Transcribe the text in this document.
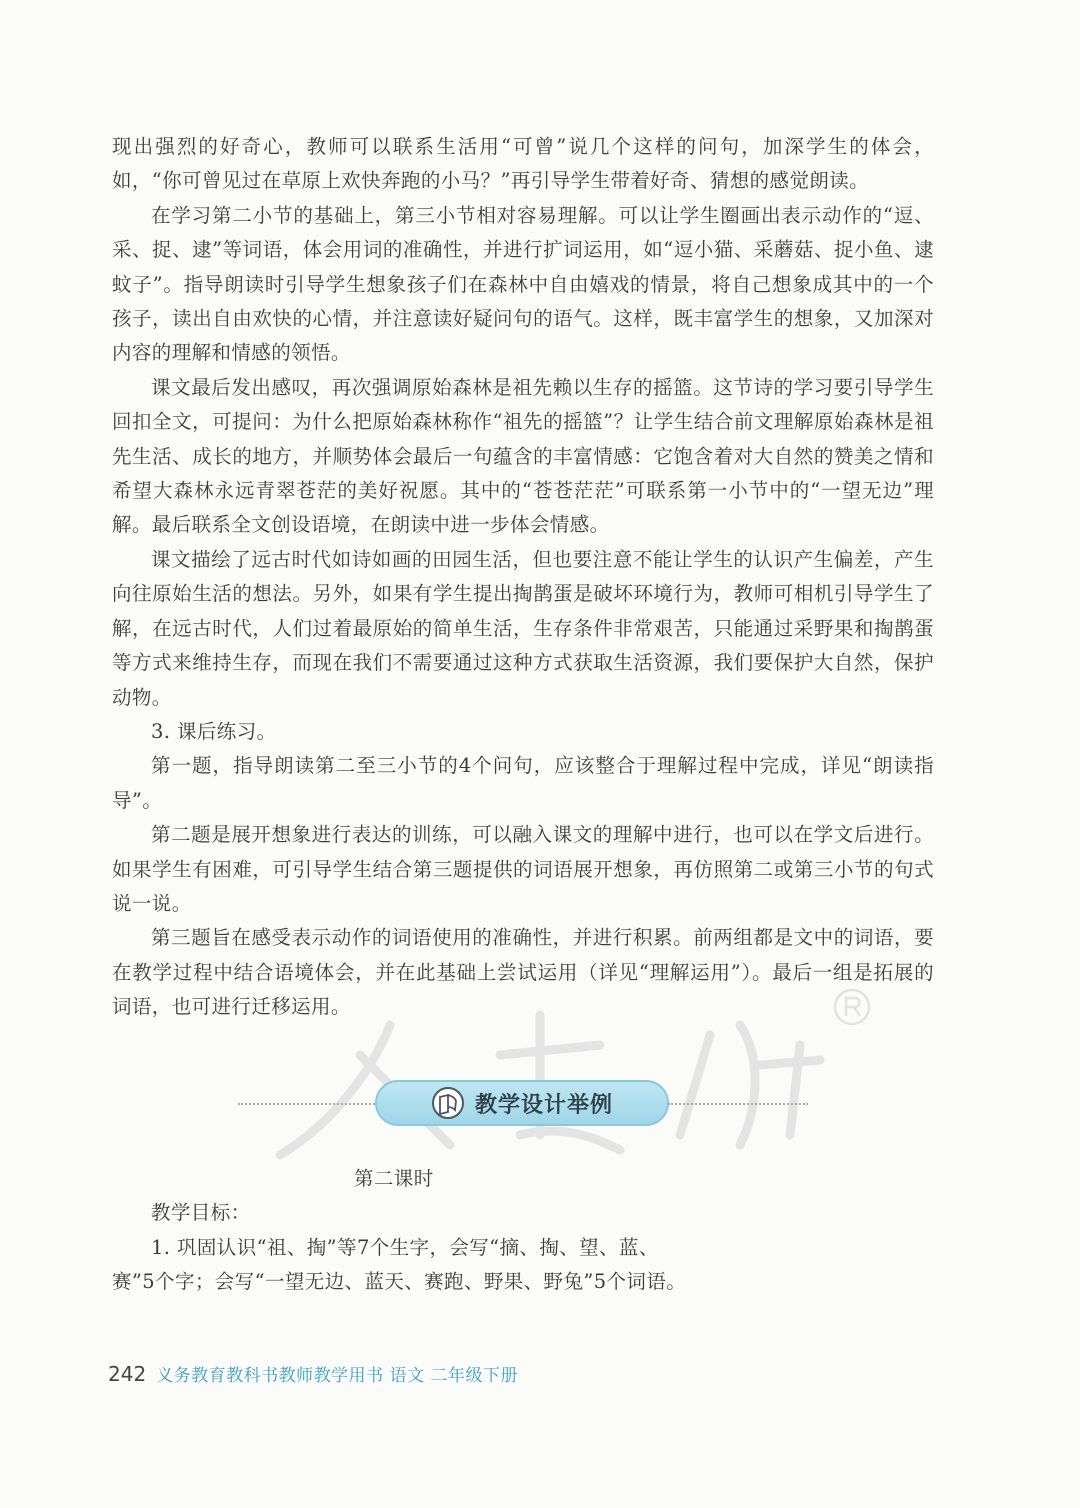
现出强烈的好奇心，教师可以联系生活用“可曾”说几个这样的问句，加深学生的体会，如，“你可曾见过在草原上欢快奔跑的小马？”再引导学生带着好奇、猜想的感觉朗读。

在学习第二小节的基础上，第三小节相对容易理解。可以让学生圈画出表示动作的“逗、采、捉、逮”等词语，体会用词的准确性，并进行扩词运用，如“逗小猫、采蘑菇、捉小鱼、逮蚊子”。指导朗读时引导学生想象孩子们在森林中自由嬉戏的情景，将自己想象成其中的一个孩子，读出自由欢快的心情，并注意读好疑问句的语气。这样，既丰富学生的想象，又加深对内容的理解和情感的领悟。

课文最后发出感叹，再次强调原始森林是祖先赖以生存的摇篮。这节诗的学习要引导学生回扣全文，可提问：为什么把原始森林称作“祖先的摇篮”？让学生结合前文理解原始森林是祖先生活、成长的地方，并顺势体会最后一句蕴含的丰富情感：它饱含着对大自然的赞美之情和希望大森林永远青翠苍茫的美好祝愿。其中的“苍苍茫茫”可联系第一小节中的“一望无边”理解。最后联系全文创设语境，在朗读中进一步体会情感。

课文描绘了远古时代如诗如画的田园生活，但也要注意不能让学生的认识产生偏差，产生向往原始生活的想法。另外，如果有学生提出掏鹊蛋是破坏环境行为，教师可相机引导学生了解，在远古时代，人们过着最原始的简单生活，生存条件非常艰苦，只能通过采野果和掏鹊蛋等方式来维持生存，而现在我们不需要通过这种方式获取生活资源，我们要保护大自然，保护动物。

3. 课后练习。

第一题，指导朗读第二至三小节的4个问句，应该整合于理解过程中完成，详见“朗读指导”。

第二题是展开想象进行表达的训练，可以融入课文的理解中进行，也可以在学文后进行。如果学生有困难，可引导学生结合第三题提供的词语展开想象，再仿照第二或第三小节的句式说一说。

第三题旨在感受表示动作的词语使用的准确性，并进行积累。前两组都是文中的词语，要在教学过程中结合语境体会，并在此基础上尝试运用（详见“理解运用”）。最后一组是拓展的词语，也可进行迁移运用。

教学设计举例

第二课时

教学目标：

1. 巩固认识“祖、掏”等7个生字，会写“摘、掏、望、蓝、赛”5个字；会写“一望无边、蓝天、赛跑、野果、野兔”5个词语。

242 义务教育教科书教师教学用书 语文 二年级下册
